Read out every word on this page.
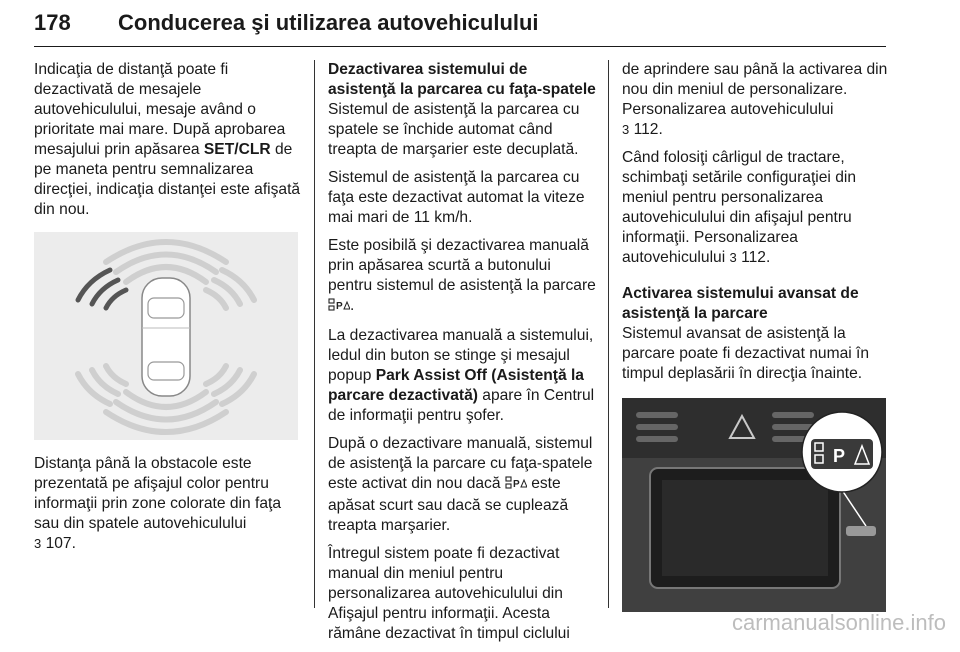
178 Conducerea şi utilizarea autovehiculului

Indicaţia de distanţă poate fi dezactivată de mesajele autovehiculului, mesaje având o prioritate mai mare. După aprobarea mesajului prin apăsarea SET/CLR de pe maneta pentru semnalizarea direcţiei, indicaţia distanţei este afişată din nou.

Distanţa până la obstacole este prezentată pe afişajul color pentru informaţii prin zone colorate din faţa sau din spatele autovehiculului
3 107.

Dezactivarea sistemului de asistenţă la parcarea cu faţa-spatele

Sistemul de asistenţă la parcarea cu spatele se închide automat când treapta de marşarier este decuplată.

Sistemul de asistenţă la parcarea cu faţa este dezactivat automat la viteze mai mari de 11 km/h.

Este posibilă şi dezactivarea manuală prin apăsarea scurtă a butonului pentru sistemul de asistenţă la parcare
P .

La dezactivarea manuală a sistemului, ledul din buton se stinge şi mesajul popup Park Assist Off (Asistenţă la parcare dezactivată) apare în Centrul de informaţii pentru şofer.

După o dezactivare manuală, sistemul de asistenţă la parcare cu faţa-spatele este activat din nou dacă P este apăsat scurt sau dacă se cuplează treapta marşarier.

Întregul sistem poate fi dezactivat manual din meniul pentru personalizarea autovehiculului din Afişajul pentru informaţii. Acesta rămâne dezactivat în timpul ciclului

de aprindere sau până la activarea din nou din meniul de personalizare. Personalizarea autovehiculului
3 112.

Când folosiţi cârligul de tractare, schimbaţi setările configuraţiei din meniul pentru personalizarea autovehiculului din afişajul pentru informaţii. Personalizarea autovehiculului 3 112.

Activarea sistemului avansat de asistenţă la parcare

Sistemul avansat de asistenţă la parcare poate fi dezactivat numai în timpul deplasării în direcţia înainte.

P
carmanualsonline.info
